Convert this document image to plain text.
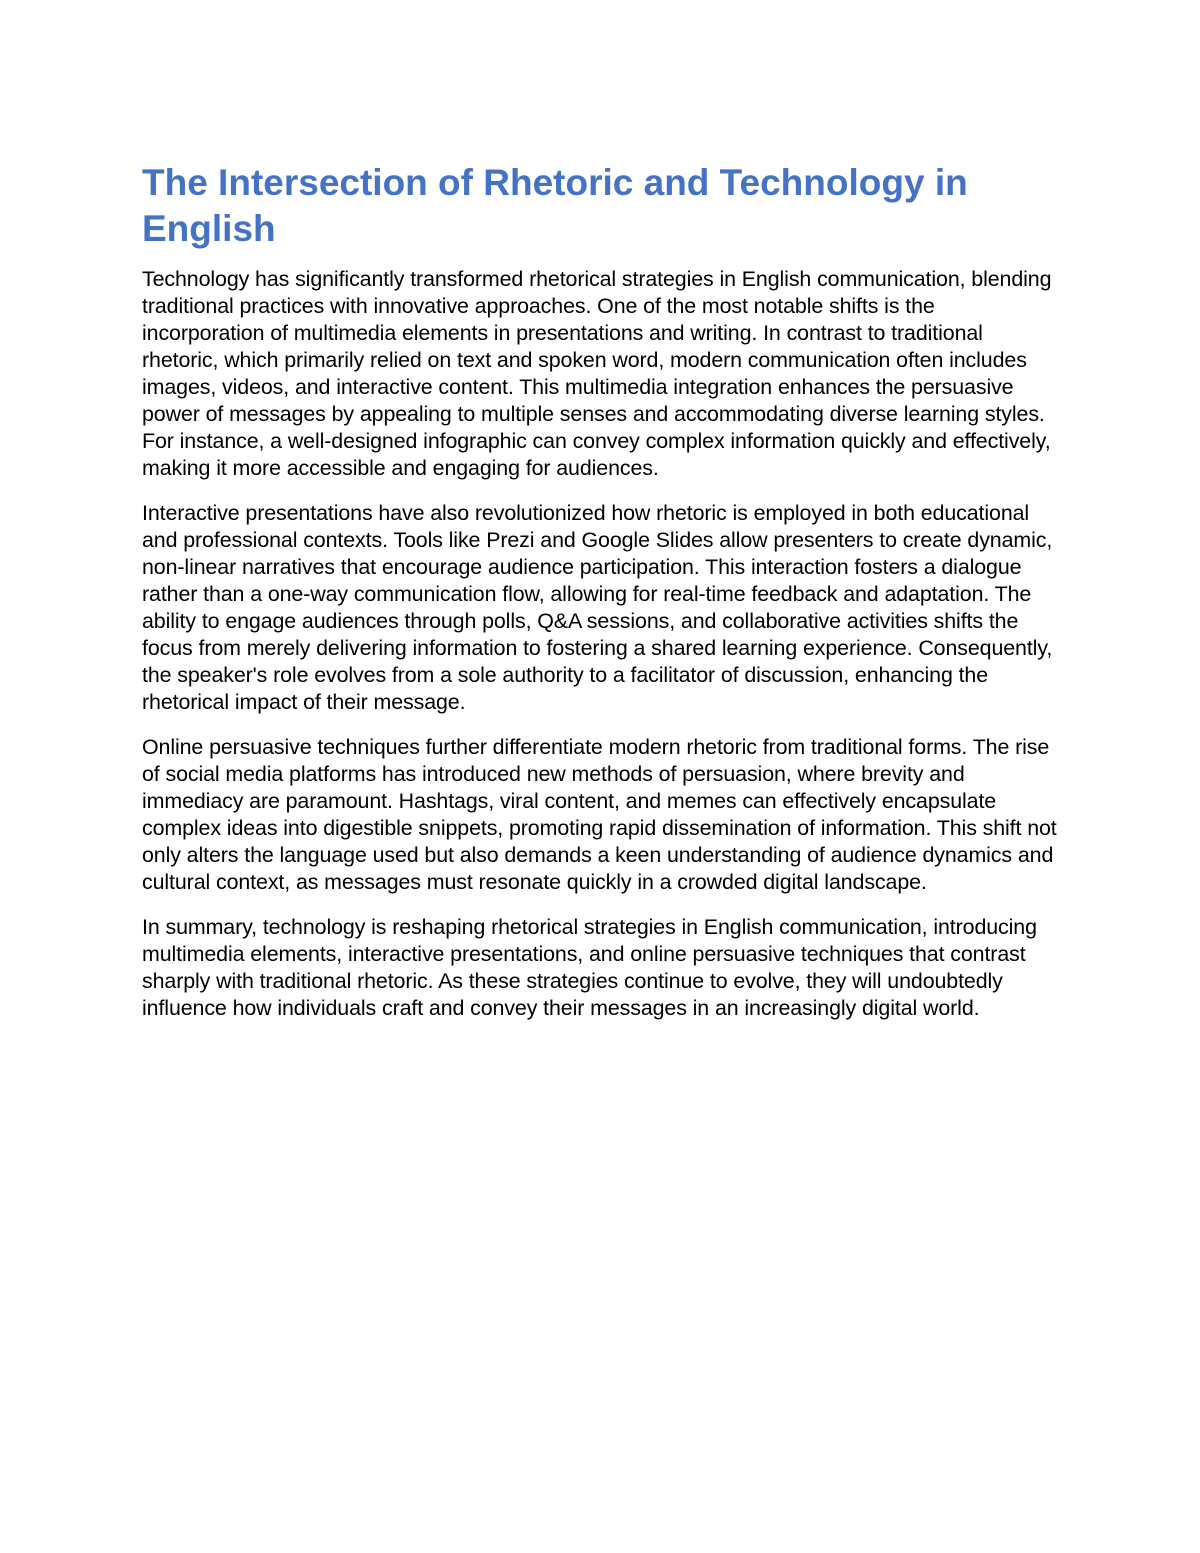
The Intersection of Rhetoric and Technology in English

Technology has significantly transformed rhetorical strategies in English communication, blending traditional practices with innovative approaches. One of the most notable shifts is the incorporation of multimedia elements in presentations and writing. In contrast to traditional rhetoric, which primarily relied on text and spoken word, modern communication often includes images, videos, and interactive content. This multimedia integration enhances the persuasive power of messages by appealing to multiple senses and accommodating diverse learning styles. For instance, a well-designed infographic can convey complex information quickly and effectively, making it more accessible and engaging for audiences.

Interactive presentations have also revolutionized how rhetoric is employed in both educational and professional contexts. Tools like Prezi and Google Slides allow presenters to create dynamic, non-linear narratives that encourage audience participation. This interaction fosters a dialogue rather than a one-way communication flow, allowing for real-time feedback and adaptation. The ability to engage audiences through polls, Q&A sessions, and collaborative activities shifts the focus from merely delivering information to fostering a shared learning experience. Consequently, the speaker's role evolves from a sole authority to a facilitator of discussion, enhancing the rhetorical impact of their message.

Online persuasive techniques further differentiate modern rhetoric from traditional forms. The rise of social media platforms has introduced new methods of persuasion, where brevity and immediacy are paramount. Hashtags, viral content, and memes can effectively encapsulate complex ideas into digestible snippets, promoting rapid dissemination of information. This shift not only alters the language used but also demands a keen understanding of audience dynamics and cultural context, as messages must resonate quickly in a crowded digital landscape.

In summary, technology is reshaping rhetorical strategies in English communication, introducing multimedia elements, interactive presentations, and online persuasive techniques that contrast sharply with traditional rhetoric. As these strategies continue to evolve, they will undoubtedly influence how individuals craft and convey their messages in an increasingly digital world.
